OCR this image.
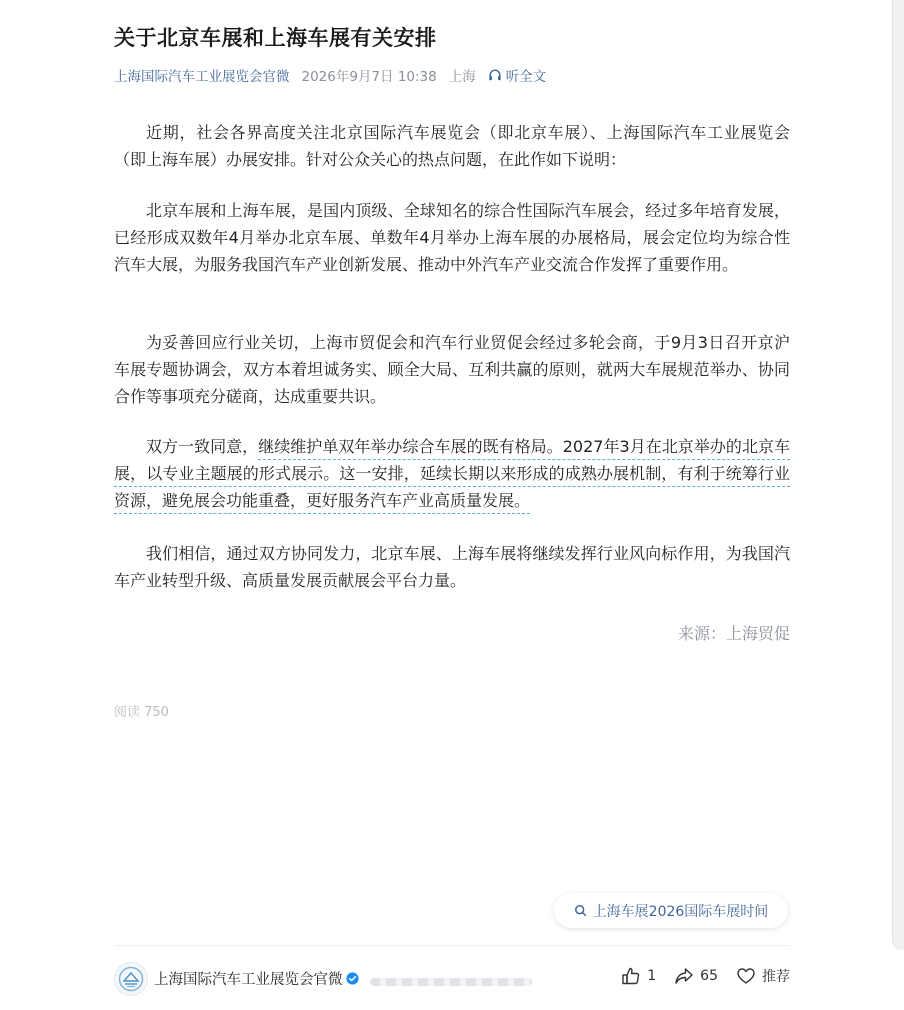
关于北京车展和上海车展有关安排
上海国际汽车工业展览会官微 2026年9月7日 10:38 上海 听全文

近期，社会各界高度关注北京国际汽车展览会（即北京车展）、上海国际汽车工业展览会（即上海车展）办展安排。针对公众关心的热点问题，在此作如下说明：

北京车展和上海车展，是国内顶级、全球知名的综合性国际汽车展会，经过多年培育发展，已经形成双数年4月举办北京车展、单数年4月举办上海车展的办展格局，展会定位均为综合性汽车大展，为服务我国汽车产业创新发展、推动中外汽车产业交流合作发挥了重要作用。

为妥善回应行业关切，上海市贸促会和汽车行业贸促会经过多轮会商，于9月3日召开京沪车展专题协调会，双方本着坦诚务实、顾全大局、互利共赢的原则，就两大车展规范举办、协同合作等事项充分磋商，达成重要共识。

双方一致同意，继续维护单双年举办综合车展的既有格局。2027年3月在北京举办的北京车展，以专业主题展的形式展示。这一安排，延续长期以来形成的成熟办展机制，有利于统筹行业资源，避免展会功能重叠，更好服务汽车产业高质量发展。

我们相信，通过双方协同发力，北京车展、上海车展将继续发挥行业风向标作用，为我国汽车产业转型升级、高质量发展贡献展会平台力量。

来源：上海贸促
阅读 750
上海车展2026国际车展时间
上海国际汽车工业展览会官微	1	65	推荐
